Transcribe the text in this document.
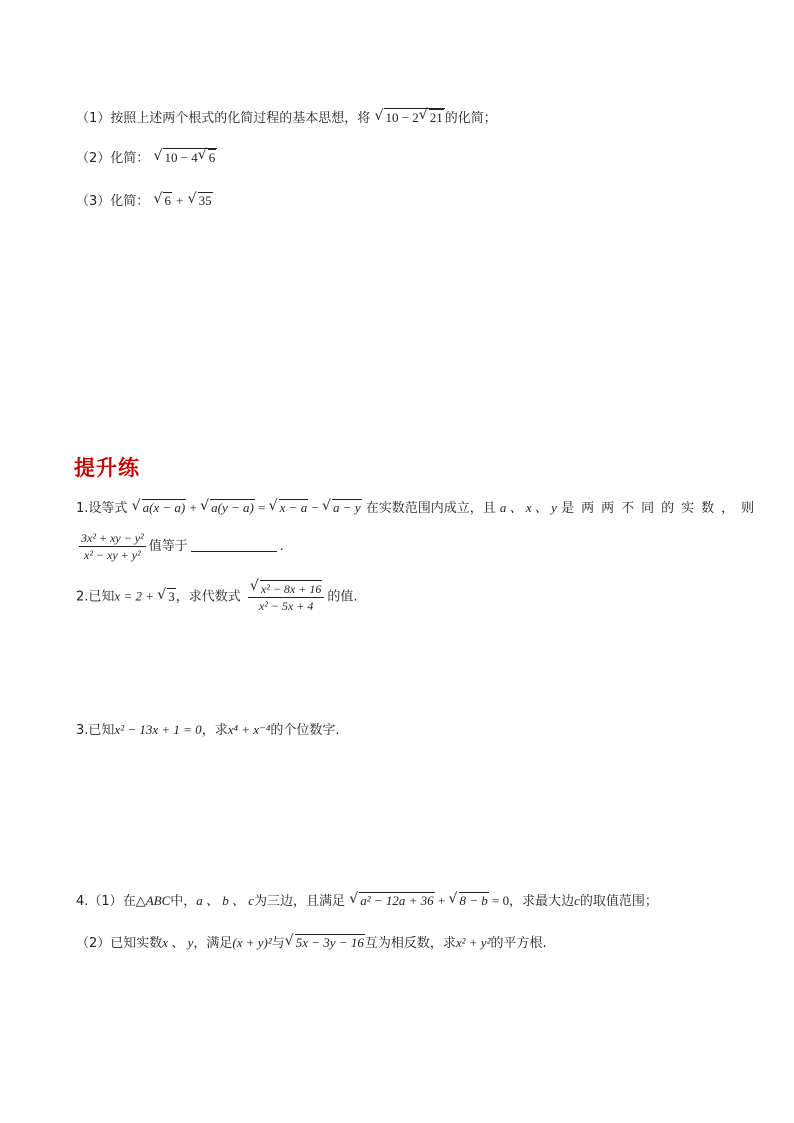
（1）按照上述两个根式的化简过程的基本思想，将 √ 10 − 2 √ 21 的化简；
（2）化简： √ 10 − 4 √ 6
（3）化简： √ 6 + √ 35
提升练
1.设等式 √ a(x − a) + √ a(y − a) = √ x − a − √ a − y 在实数范围内成立，且 a 、 x 、 y 是两两不同的实数，则
$\frac{\text{3x² + xy − y²}}{\text{x² − xy + y²}}$ 值等于	.
2.已知x = 2 + √ 3，求代数式 √ $\frac{\text{x² − 8x + 16}}{\text{x² − 5x + 4}}$ 的值.
3.已知x² − 13x + 1 = 0，求x⁴ + x⁻⁴的个位数字.
4.（1）在△ABC中，a 、 b 、 c为三边，且满足 √ a² − 12a + 36 + √ 8 − b = 0，求最大边c的取值范围；
（2）已知实数x 、 y，满足(x + y)²与 √ 5x − 3y − 16互为相反数，求x² + y²的平方根.
